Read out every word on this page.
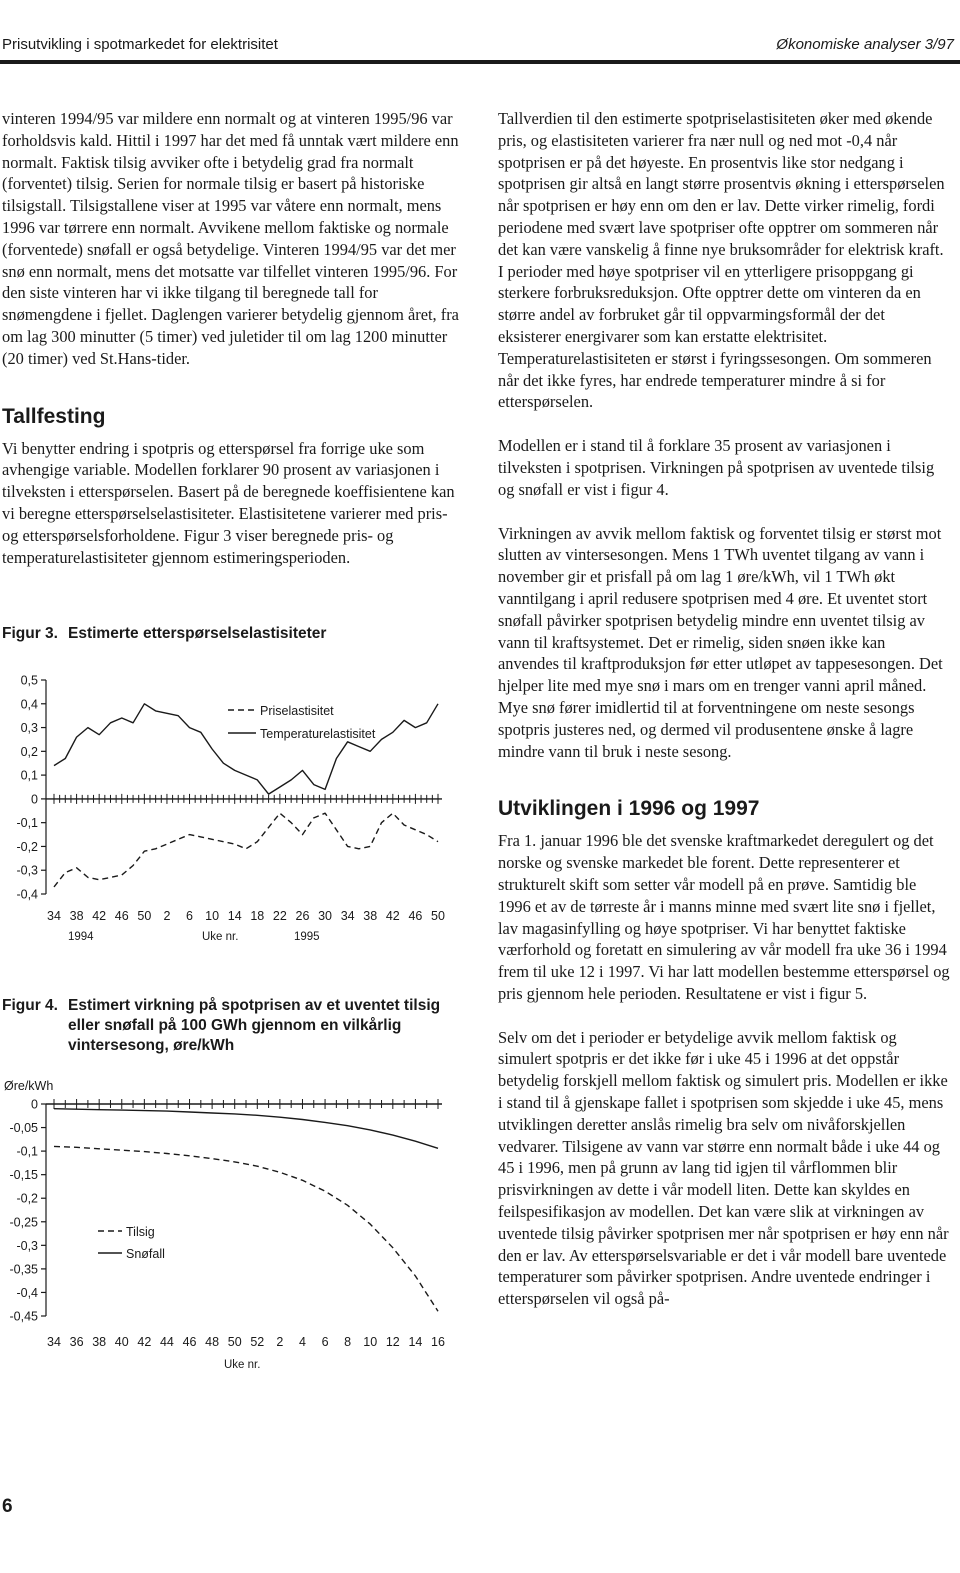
Prisutvikling i spotmarkedet for elektrisitet	Økonomiske analyser 3/97

vinteren 1994/95 var mildere enn normalt og at vinteren 1995/96 var forholdsvis kald. Hittil i 1997 har det med få unntak vært mildere enn normalt. Faktisk tilsig avviker ofte i betydelig grad fra normalt (forventet) tilsig. Serien for normale tilsig er basert på historiske tilsigstall. Tilsigstallene viser at 1995 var våtere enn normalt, mens 1996 var tørrere enn normalt. Avvikene mellom faktiske og normale (forventede) snøfall er også betydelige. Vinteren 1994/95 var det mer snø enn normalt, mens det motsatte var tilfellet vinteren 1995/96. For den siste vinteren har vi ikke tilgang til beregnede tall for snømengdene i fjellet. Daglengen varierer betydelig gjennom året, fra om lag 300 minutter (5 timer) ved juletider til om lag 1200 minutter (20 timer) ved St.Hans-tider.

Tallfesting

Vi benytter endring i spotpris og etterspørsel fra forrige uke som avhengige variable. Modellen forklarer 90 prosent av variasjonen i tilveksten i etterspørselen. Basert på de beregnede koeffisientene kan vi beregne etterspørselselastisiteter. Elastisitetene varierer med pris- og etterspørselsforholdene. Figur 3 viser beregnede pris- og temperaturelastisiteter gjennom estimeringsperioden.

Figur 3. Estimerte etterspørselselastisiteter
0,5
0,4
0,3
0,2
0,1
0
-0,1
-0,2
-0,3
-0,4
34 38 42 46 50 2 6 10 14 18 22 26 30 34 38 42 46 50
Priselastisitet
Temperaturelastisitet
1994	Uke nr.	1995
Figur 4. Estimert virkning på spotprisen av et uventet tilsig eller snøfall på 100 GWh gjennom en vilkårlig vintersesong, øre/kWh
Øre/kWh
0
-0,05
-0,1
-0,15
-0,2
-0,25
-0,3
-0,35
-0,4
-0,45
34 36 38 40 42 44 46 48 50 52 2 4 6 8 10 12 14 16
Tilsig
Snøfall
Uke nr.

Tallverdien til den estimerte spotpriselastisiteten øker med økende pris, og elastisiteten varierer fra nær null og ned mot -0,4 når spotprisen er på det høyeste. En prosentvis like stor nedgang i spotprisen gir altså en langt større prosentvis økning i etterspørselen når spotprisen er høy enn om den er lav. Dette virker rimelig, fordi periodene med svært lave spotpriser ofte opptrer om sommeren når det kan være vanskelig å finne nye bruksområder for elektrisk kraft. I perioder med høye spotpriser vil en ytterligere prisoppgang gi sterkere forbruksreduksjon. Ofte opptrer dette om vinteren da en større andel av forbruket går til oppvarmingsformål der det eksisterer energivarer som kan erstatte elektrisitet. Temperaturelastisiteten er størst i fyringssesongen. Om sommeren når det ikke fyres, har endrede temperaturer mindre å si for etterspørselen.

Modellen er i stand til å forklare 35 prosent av variasjonen i tilveksten i spotprisen. Virkningen på spotprisen av uventede tilsig og snøfall er vist i figur 4.

Virkningen av avvik mellom faktisk og forventet tilsig er størst mot slutten av vintersesongen. Mens 1 TWh uventet tilgang av vann i november gir et prisfall på om lag 1 øre/kWh, vil 1 TWh økt vanntilgang i april redusere spotprisen med 4 øre. Et uventet stort snøfall påvirker spotprisen betydelig mindre enn uventet tilsig av vann til kraftsystemet. Det er rimelig, siden snøen ikke kan anvendes til kraftproduksjon før etter utløpet av tappesesongen. Det hjelper lite med mye snø i mars om en trenger vanni april måned. Mye snø fører imidlertid til at forventningene om neste sesongs spotpris justeres ned, og dermed vil produsentene ønske å lagre mindre vann til bruk i neste sesong.

Utviklingen i 1996 og 1997

Fra 1. januar 1996 ble det svenske kraftmarkedet deregulert og det norske og svenske markedet ble forent. Dette representerer et strukturelt skift som setter vår modell på en prøve. Samtidig ble 1996 et av de tørreste år i manns minne med svært lite snø i fjellet, lav magasinfylling og høye spotpriser. Vi har benyttet faktiske værforhold og foretatt en simulering av vår modell fra uke 36 i 1994 frem til uke 12 i 1997. Vi har latt modellen bestemme etterspørsel og pris gjennom hele perioden. Resultatene er vist i figur 5.

Selv om det i perioder er betydelige avvik mellom faktisk og simulert spotpris er det ikke før i uke 45 i 1996 at det oppstår betydelig forskjell mellom faktisk og simulert pris. Modellen er ikke i stand til å gjenskape fallet i spotprisen som skjedde i uke 45, mens utviklingen deretter anslås rimelig bra selv om nivåforskjellen vedvarer. Tilsigene av vann var større enn normalt både i uke 44 og 45 i 1996, men på grunn av lang tid igjen til vårflommen blir prisvirkningen av dette i vår modell liten. Dette kan skyldes en feilspesifikasjon av modellen. Det kan være slik at virkningen av uventede tilsig påvirker spotprisen mer når spotprisen er høy enn når den er lav. Av etterspørselsvariable er det i vår modell bare uventede temperaturer som påvirker spotprisen. Andre uventede endringer i etterspørselen vil også på-

6
